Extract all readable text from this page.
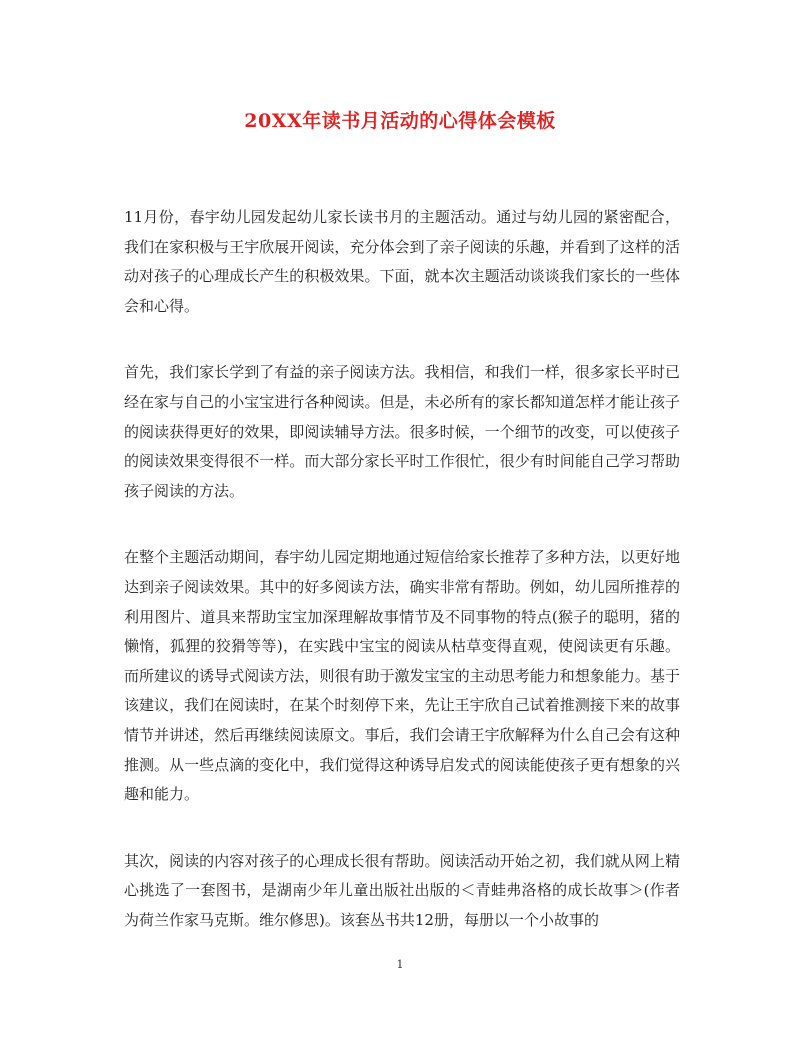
20XX年读书月活动的心得体会模板

11月份，春宇幼儿园发起幼儿家长读书月的主题活动。通过与幼儿园的紧密配合，我们在家积极与王宇欣展开阅读，充分体会到了亲子阅读的乐趣，并看到了这样的活动对孩子的心理成长产生的积极效果。下面，就本次主题活动谈谈我们家长的一些体会和心得。

首先，我们家长学到了有益的亲子阅读方法。我相信，和我们一样，很多家长平时已经在家与自己的小宝宝进行各种阅读。但是，未必所有的家长都知道怎样才能让孩子的阅读获得更好的效果，即阅读辅导方法。很多时候，一个细节的改变，可以使孩子的阅读效果变得很不一样。而大部分家长平时工作很忙，很少有时间能自己学习帮助孩子阅读的方法。

在整个主题活动期间，春宇幼儿园定期地通过短信给家长推荐了多种方法，以更好地达到亲子阅读效果。其中的好多阅读方法，确实非常有帮助。例如，幼儿园所推荐的利用图片、道具来帮助宝宝加深理解故事情节及不同事物的特点(猴子的聪明，猪的懒惰，狐狸的狡猾等等)，在实践中宝宝的阅读从枯草变得直观，使阅读更有乐趣。而所建议的诱导式阅读方法，则很有助于激发宝宝的主动思考能力和想象能力。基于该建议，我们在阅读时，在某个时刻停下来，先让王宇欣自己试着推测接下来的故事情节并讲述，然后再继续阅读原文。事后，我们会请王宇欣解释为什么自己会有这种推测。从一些点滴的变化中，我们觉得这种诱导启发式的阅读能使孩子更有想象的兴趣和能力。

其次，阅读的内容对孩子的心理成长很有帮助。阅读活动开始之初，我们就从网上精心挑选了一套图书，是湖南少年儿童出版社出版的＜青蛙弗洛格的成长故事＞(作者为荷兰作家马克斯。维尔修思)。该套丛书共12册，每册以一个小故事的

1
